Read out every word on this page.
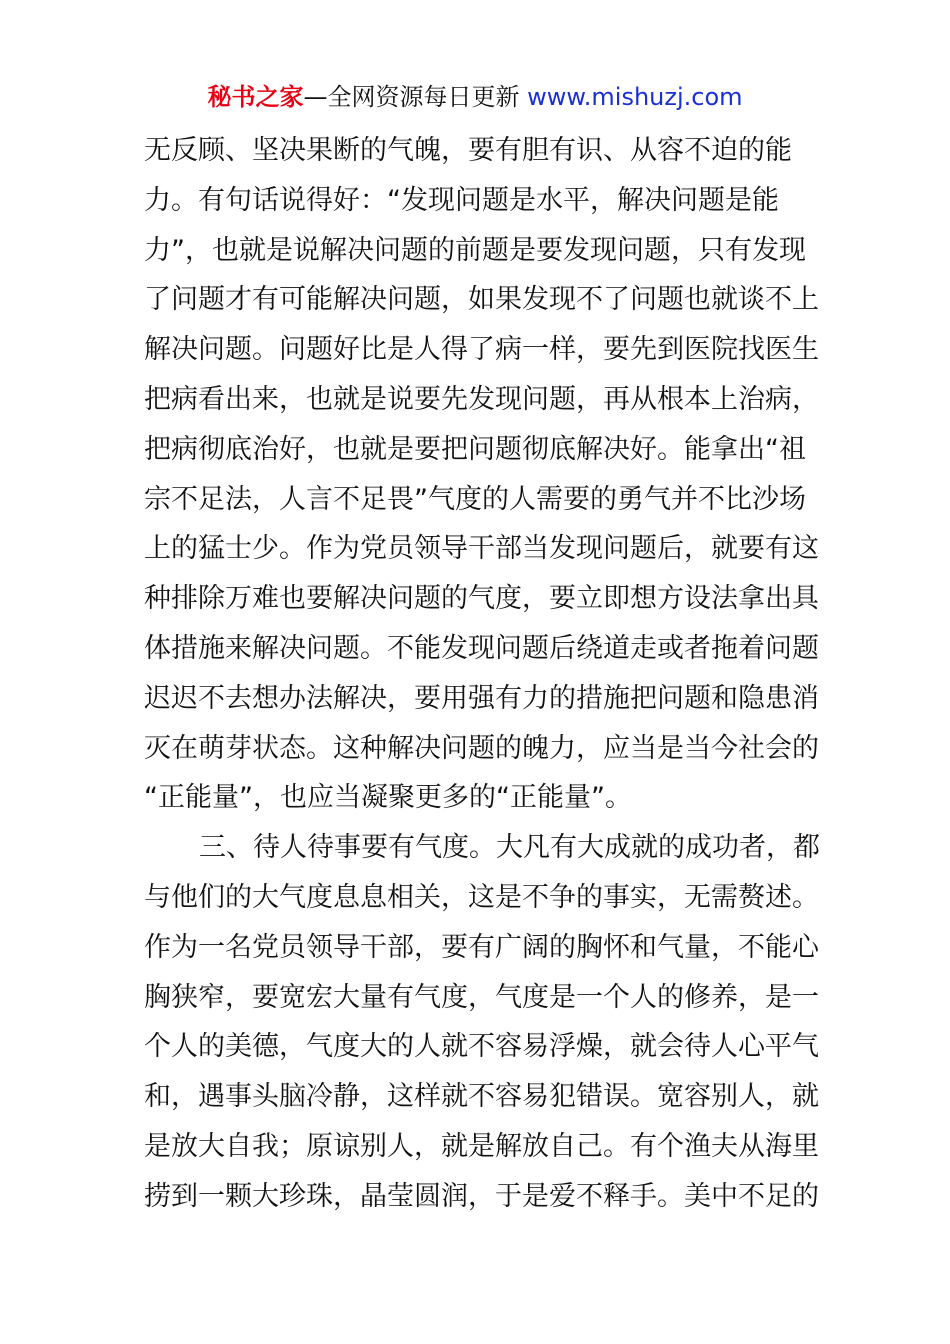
秘书之家—全网资源每日更新 www.mishuzj.com
无反顾、坚决果断的气魄，要有胆有识、从容不迫的能
力。有句话说得好：“发现问题是水平，解决问题是能
力”，也就是说解决问题的前题是要发现问题，只有发现
了问题才有可能解决问题，如果发现不了问题也就谈不上
解决问题。问题好比是人得了病一样，要先到医院找医生
把病看出来，也就是说要先发现问题，再从根本上治病，
把病彻底治好，也就是要把问题彻底解决好。能拿出“祖
宗不足法，人言不足畏”气度的人需要的勇气并不比沙场
上的猛士少。作为党员领导干部当发现问题后，就要有这
种排除万难也要解决问题的气度，要立即想方设法拿出具
体措施来解决问题。不能发现问题后绕道走或者拖着问题
迟迟不去想办法解决，要用强有力的措施把问题和隐患消
灭在萌芽状态。这种解决问题的魄力，应当是当今社会的
“正能量”，也应当凝聚更多的“正能量”。
三、待人待事要有气度。大凡有大成就的成功者，都
与他们的大气度息息相关，这是不争的事实，无需赘述。
作为一名党员领导干部，要有广阔的胸怀和气量，不能心
胸狭窄，要宽宏大量有气度，气度是一个人的修养，是一
个人的美德，气度大的人就不容易浮燥，就会待人心平气
和，遇事头脑冷静，这样就不容易犯错误。宽容别人，就
是放大自我；原谅别人，就是解放自己。有个渔夫从海里
捞到一颗大珍珠，晶莹圆润，于是爱不释手。美中不足的
